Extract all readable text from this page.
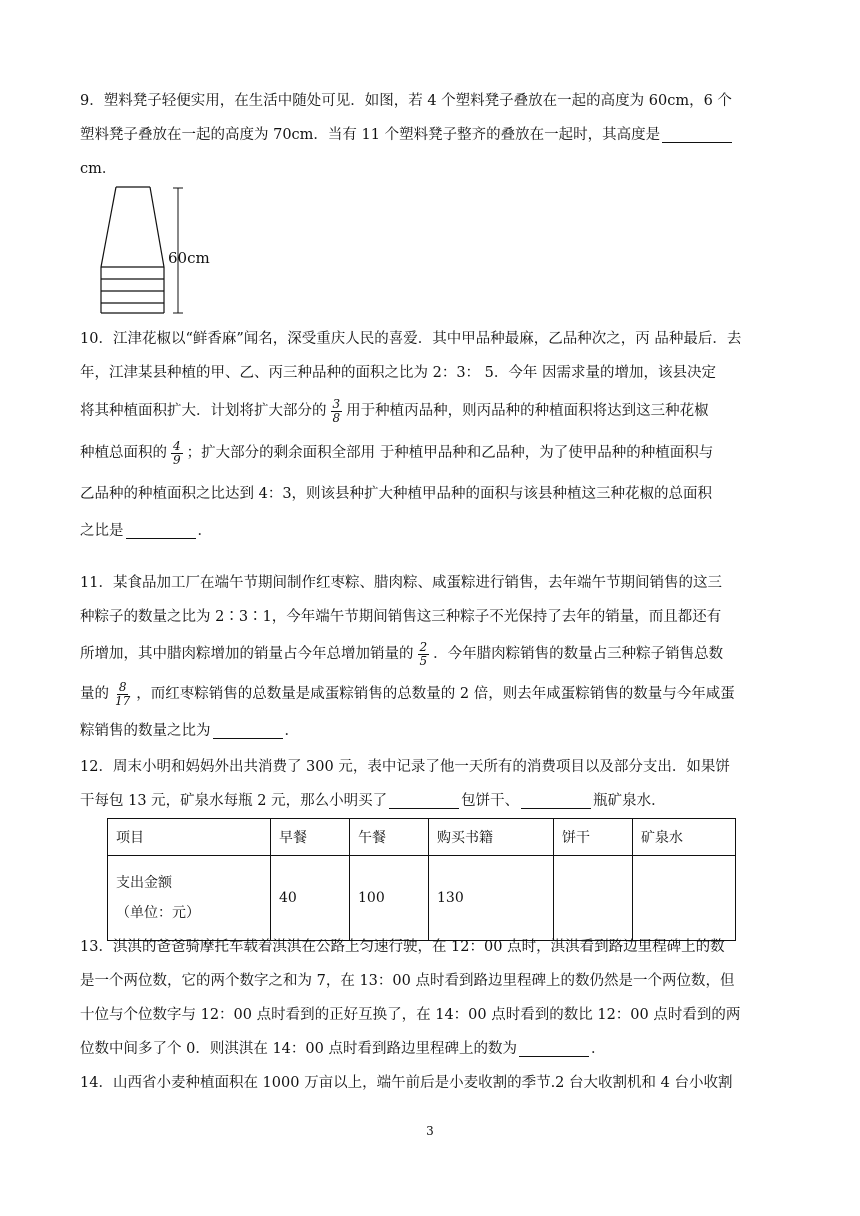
9．塑料凳子轻便实用，在生活中随处可见．如图，若 4 个塑料凳子叠放在一起的高度为 60cm，6 个
塑料凳子叠放在一起的高度为 70cm．当有 11 个塑料凳子整齐的叠放在一起时，其高度是
cm．
60cm
10．江津花椒以“鲜香麻”闻名，深受重庆人民的喜爱．其中甲品种最麻，乙品种次之，丙 品种最后．去
年，江津某县种植的甲、乙、丙三种品种的面积之比为 2：3： 5．今年 因需求量的增加，该县决定
将其种植面积扩大．计划将扩大部分的 $\frac{3}{8}$ 用于种植丙品种，则丙品种的种植面积将达到这三种花椒
种植总面积的 $\frac{4}{9}$ ；扩大部分的剩余面积全部用 于种植甲品种和乙品种，为了使甲品种的种植面积与
乙品种的种植面积之比达到 4：3，则该县种扩大种植甲品种的面积与该县种植这三种花椒的总面积
之比是	．
11．某食品加工厂在端午节期间制作红枣粽、腊肉粽、咸蛋粽进行销售，去年端午节期间销售的这三
种粽子的数量之比为 2∶3∶1，今年端午节期间销售这三种粽子不光保持了去年的销量，而且都还有
所增加，其中腊肉粽增加的销量占今年总增加销量的 $\frac{2}{5}$ ．今年腊肉粽销售的数量占三种粽子销售总数
量的 $\frac{8}{17}$ ，而红枣粽销售的总数量是咸蛋粽销售的总数量的 2 倍，则去年咸蛋粽销售的数量与今年咸蛋
粽销售的数量之比为	．
12．周末小明和妈妈外出共消费了 300 元，表中记录了他一天所有的消费项目以及部分支出．如果饼
干每包 13 元，矿泉水每瓶 2 元，那么小明买了	包饼干、	瓶矿泉水．
项目	早餐	午餐	购买书籍	饼干	矿泉水

支出金额
（单位：元）	40	100	130		
13．淇淇的爸爸骑摩托车载着淇淇在公路上匀速行驶，在 12：00 点时，淇淇看到路边里程碑上的数
是一个两位数，它的两个数字之和为 7，在 13：00 点时看到路边里程碑上的数仍然是一个两位数，但
十位与个位数字与 12：00 点时看到的正好互换了，在 14：00 点时看到的数比 12：00 点时看到的两
位数中间多了个 0．则淇淇在 14：00 点时看到路边里程碑上的数为	．
14．山西省小麦种植面积在 1000 万亩以上，端午前后是小麦收割的季节.2 台大收割机和 4 台小收割
3
